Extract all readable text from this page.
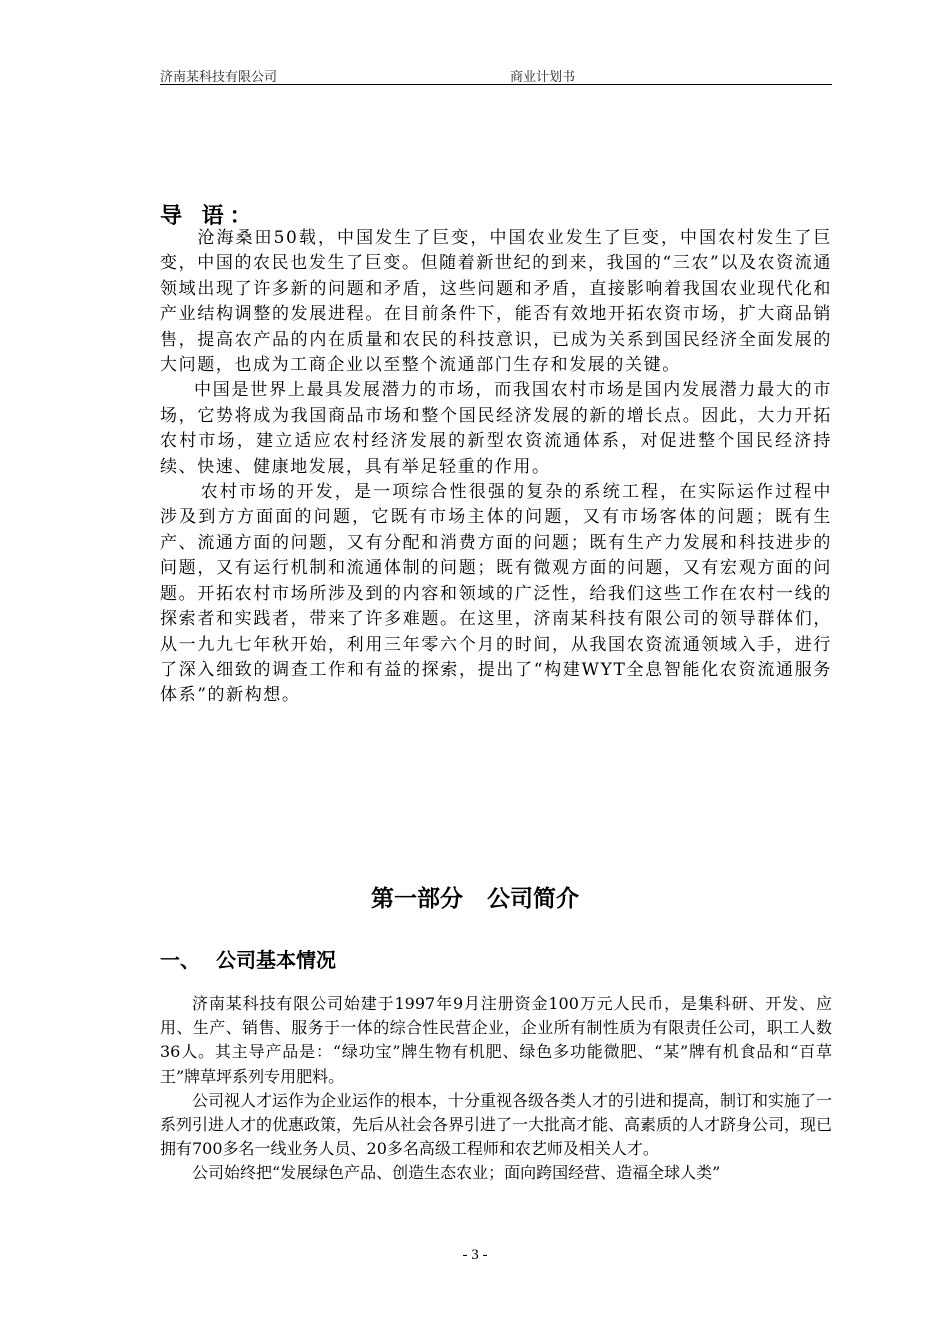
济南某科技有限公司	商业计划书
导 语：

沧海桑田50载，中国发生了巨变，中国农业发生了巨变，中国农村发生了巨变，中国的农民也发生了巨变。但随着新世纪的到来，我国的“三农”以及农资流通领域出现了许多新的问题和矛盾，这些问题和矛盾，直接影响着我国农业现代化和产业结构调整的发展进程。在目前条件下，能否有效地开拓农资市场，扩大商品销售，提高农产品的内在质量和农民的科技意识，已成为关系到国民经济全面发展的大问题，也成为工商企业以至整个流通部门生存和发展的关键。

中国是世界上最具发展潜力的市场，而我国农村市场是国内发展潜力最大的市场，它势将成为我国商品市场和整个国民经济发展的新的增长点。因此，大力开拓农村市场，建立适应农村经济发展的新型农资流通体系，对促进整个国民经济持续、快速、健康地发展，具有举足轻重的作用。

农村市场的开发，是一项综合性很强的复杂的系统工程，在实际运作过程中涉及到方方面面的问题，它既有市场主体的问题，又有市场客体的问题；既有生产、流通方面的问题，又有分配和消费方面的问题；既有生产力发展和科技进步的问题，又有运行机制和流通体制的问题；既有微观方面的问题，又有宏观方面的问题。开拓农村市场所涉及到的内容和领域的广泛性，给我们这些工作在农村一线的探索者和实践者，带来了许多难题。在这里，济南某科技有限公司的领导群体们，从一九九七年秋开始，利用三年零六个月的时间，从我国农资流通领域入手，进行了深入细致的调查工作和有益的探索，提出了“构建WYT全息智能化农资流通服务体系”的新构想。

第一部分 公司简介
一、 公司基本情况

济南某科技有限公司始建于1997年9月注册资金100万元人民币，是集科研、开发、应用、生产、销售、服务于一体的综合性民营企业，企业所有制性质为有限责任公司，职工人数36人。其主导产品是：“绿功宝”牌生物有机肥、绿色多功能微肥、“某”牌有机食品和“百草王”牌草坪系列专用肥料。

公司视人才运作为企业运作的根本，十分重视各级各类人才的引进和提高，制订和实施了一系列引进人才的优惠政策，先后从社会各界引进了一大批高才能、高素质的人才跻身公司，现已拥有700多名一线业务人员、20多名高级工程师和农艺师及相关人才。

公司始终把“发展绿色产品、创造生态农业；面向跨国经营、造福全球人类”

- 3 -
